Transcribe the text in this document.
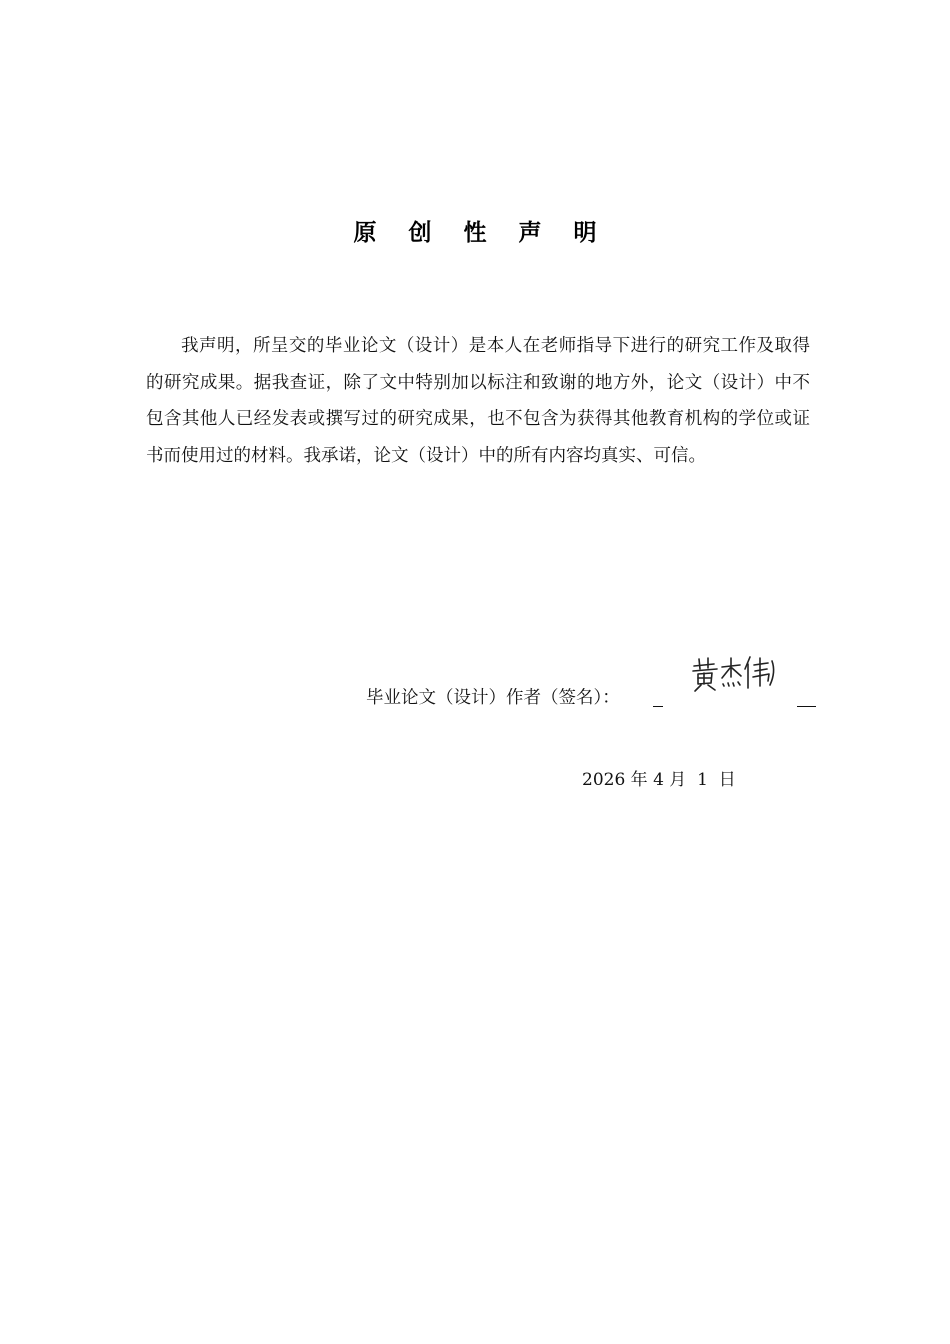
原 创 性 声 明
我声明，所呈交的毕业论文（设计）是本人在老师指导下进行的研究工作及取得的研究成果。据我查证，除了文中特别加以标注和致谢的地方外，论文（设计）中不包含其他人已经发表或撰写过的研究成果，也不包含为获得其他教育机构的学位或证书而使用过的材料。我承诺，论文（设计）中的所有内容均真实、可信。
毕业论文（设计）作者（签名）：
2026 年 4 月  1  日
